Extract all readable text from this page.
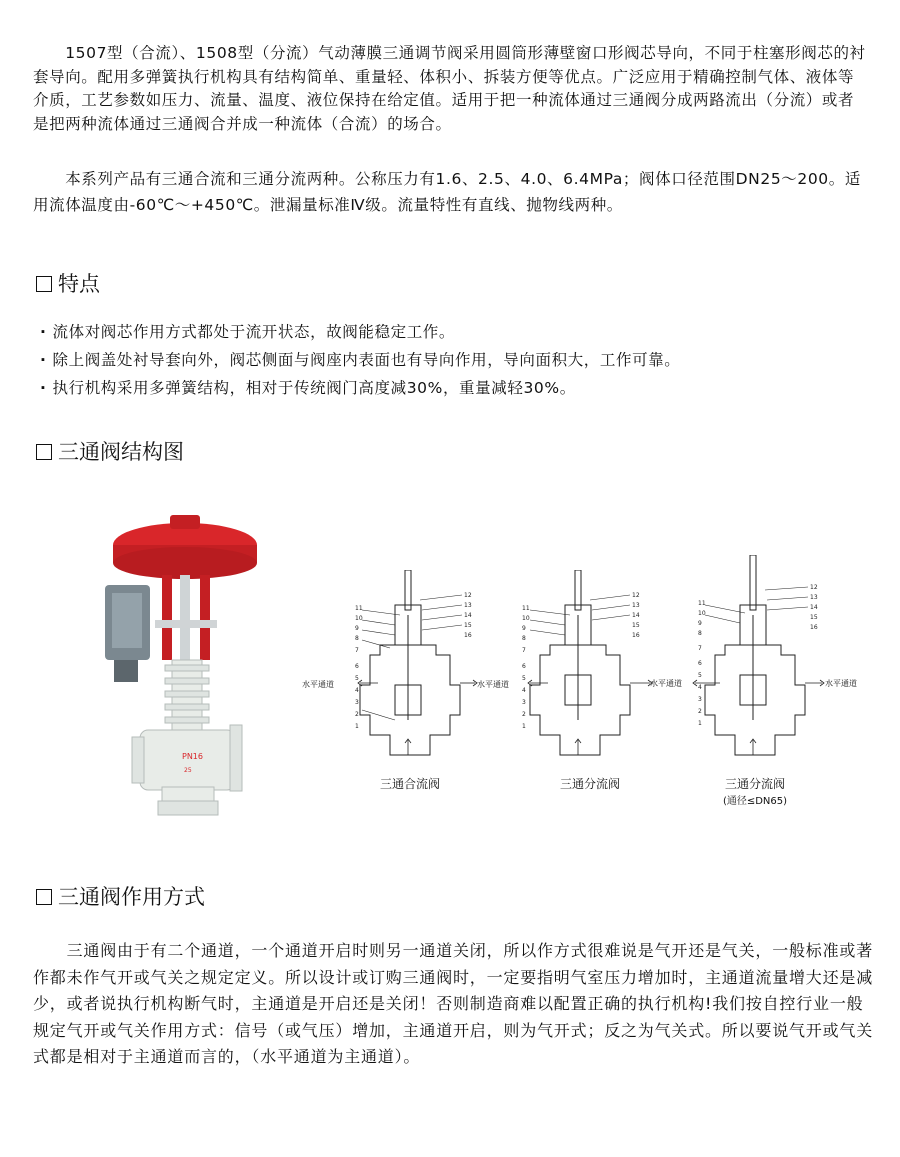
　　1507型（合流）、1508型（分流）气动薄膜三通调节阀采用圆筒形薄壁窗口形阀芯导向，不同于柱塞形阀芯的衬套导向。配用多弹簧执行机构具有结构简单、重量轻、体积小、拆装方便等优点。广泛应用于精确控制气体、液体等介质，工艺参数如压力、流量、温度、液位保持在给定值。适用于把一种流体通过三通阀分成两路流出（分流）或者是把两种流体通过三通阀合并成一种流体（合流）的场合。

　　本系列产品有三通合流和三通分流两种。公称压力有1.6、2.5、4.0、6.4MPa；阀体口径范围DN25～200。适用流体温度由-60℃～+450℃。泄漏量标准Ⅳ级。流量特性有直线、抛物线两种。

特点
· 流体对阀芯作用方式都处于流开状态，故阀能稳定工作。
· 除上阀盖处衬导套向外，阀芯侧面与阀座内表面也有导向作用，导向面积大，工作可靠。
· 执行机构采用多弹簧结构，相对于传统阀门高度减30%，重量减轻30%。
三通阀结构图
PN16
25
11
10
9
8
7
6
5
4
3
2
1
12
13
14
15
16
水平通道	水平通道
三通合流阀
11
10
9
8
7
6
5
4
3
2
1
12
13
14
15
16
三通分流阀
11
10
9
8
7
6
5
4
3
2
1
12
13
14
15
16
水平通道	水平通道
三通分流阀
(通径≤DN65)
三通阀作用方式

　　三通阀由于有二个通道，一个通道开启时则另一通道关闭，所以作方式很难说是气开还是气关，一般标准或著作都未作气开或气关之规定定义。所以设计或订购三通阀时，一定要指明气室压力增加时，主通道流量增大还是减少，或者说执行机构断气时，主通道是开启还是关闭！否则制造商难以配置正确的执行机构!我们按自控行业一般规定气开或气关作用方式：信号（或气压）增加，主通道开启，则为气开式；反之为气关式。所以要说气开或气关式都是相对于主通道而言的，（水平通道为主通道）。
